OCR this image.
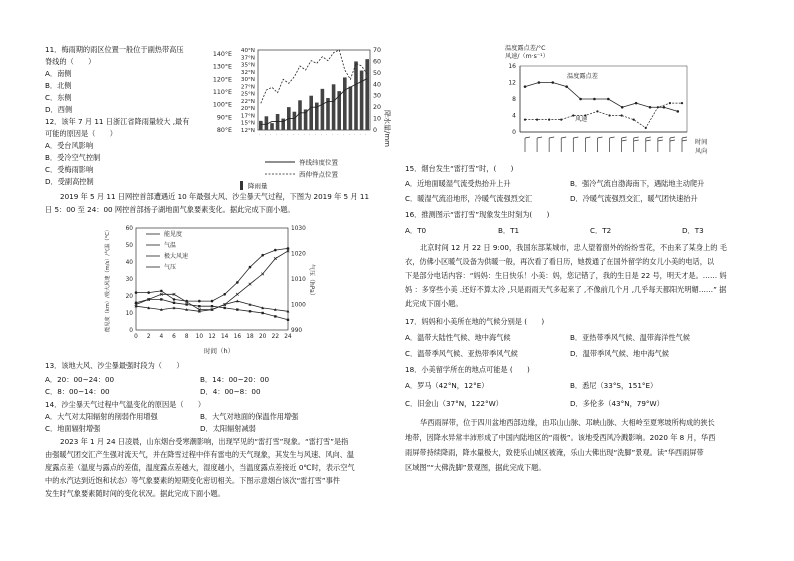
11．梅雨期的雨区位置一般位于副热带高压
脊线的（　　）
A．南侧
B．北侧
C．东侧
D．西侧
12．该年 7 月 11 日浙江省降雨量较大 ,最有
可能的原因是（　　）
A．受台风影响
B．受冷空气控制
C．受梅雨影响
D．受副高控制
40°N
37°N
35°N
32°N
30°N
27°N
25°N
22°N
20°N
17°N
15°N
12°N
140°E
130°E
120°E
110°E
100°E
90°E
80°E
70
60
50
40
30
20
10
0
· · · · · · · · · · · · · · · · · · · · 降水量/mm
脊线纬度位置
西伸脊点位置
降雨量
2019 年 5 月 11 日网控首部遭遇近 10 年最强大风、沙尘暴天气过程，下图为 2019 年 5 月 11
日 5：00 至 24：00 网控首部扬子湖地面气象要素变化。据此完成下面小题。
60
50
40
30
20
10
0
1030
1020
1010
1000
990
0 2 4 6 8 10 12 14 16 18 20 22 24
能见度
气温
极大风速
气压
能见度（km）/极大风速（m/s）/气温（°C）	气压（hPa）
时间（h）
13．该地大风、沙尘暴最强时段为（　　）
A．20：00~24：00	B．14：00~20：00
C．8：00~14：00	D．4：00~8：00
14．沙尘暴天气过程中气温变化的原因是（　　）
A．大气对太阳辐射的削弱作用增强	B．大气对地面的保温作用增强
C．地面辐射增强	D．太阳辐射减弱
2023 年 1 月 24 日凌晨，山东烟台受寒潮影响，出现罕见的“雷打雪”现象。“雷打雪”是指
由强暖气团交汇产生强对流天气，并在降雪过程中伴有雷电的天气现象，其发生与风速、风向、温
度露点差（温度与露点的差值，温度露点差越大，湿度越小，当温度露点差接近 0℃时，表示空气
中的水汽达到近饱和状态）等气象要素的短期变化密切相关。下图示意烟台该次“雷打雪”事件
发生时气象要素随时间的变化状况。据此完成下面小题。
温度露点差/°C
风速/（m·s⁻¹）
16
12
8
4
0
温度露点差
风速
时间
风向
15．烟台发生“雷打雪”时，(　　)
A．近地面暖湿气流受热抬升上升	B．强冷气流自渤海南下，遇陆地主动爬升
C．暖湿气流沿地形，冷暖气流强烈交汇	D．冷暖气流强烈交汇，暖气团快速抬升
16．推测图示“雷打雪”现象发生时刻为(　　)
A．T0	B．T1	C．T2	D．T3
北京时间 12 月 22 日 9:00，我国东部某城市，忠人望着窗外的纷纷雪花，不由来了某身上的 毛
衣，仿佛小区暖气设备为供暖一般，再次看了看日历，她拨通了在国外留学的女儿小美的电话，以
下是部分电话内容：“妈妈：生日快乐！小美：妈，您记错了，我的生日是 22 号，明天才是。…… 妈
妈 ：多穿些小美 .还好不算太冷 ,只是雨雨天气多起来了 ,不像前几个月 ,几乎每天都阳光明媚……” 据
此完成下面小题。
17．妈妈和小美所在地的气候分别是 (　　)
A．温带大陆性气候、地中海气候	B．亚热带季风气候、温带海洋性气候
C．温带季风气候、亚热带季风气候	D．温带季风气候、地中海气候
18．小美留学所在的地点可能是 (　　)
A．罗马（42°N，12°E）	B．悉尼（33°S，151°E）
C．旧金山（37°N，122°W）	D．多伦多（43°N，79°W）
华西雨屏带，位于四川盆地西部边缘，由邛山山脉、邛峡山脉、大相岭至夏寒坡所构成的狭长
地带，因降水异常丰沛形成了中国内陆地区的“雨极”。该地受西风冷溅影响。2020 年 8 月，华西
雨屏带持续降雨，降水量极大，致使乐山城区被淹，乐山大佛出现“洗脚”景观。读“华西雨屏带
区域图”“大佛洗脚”景观图，据此完成下题。
